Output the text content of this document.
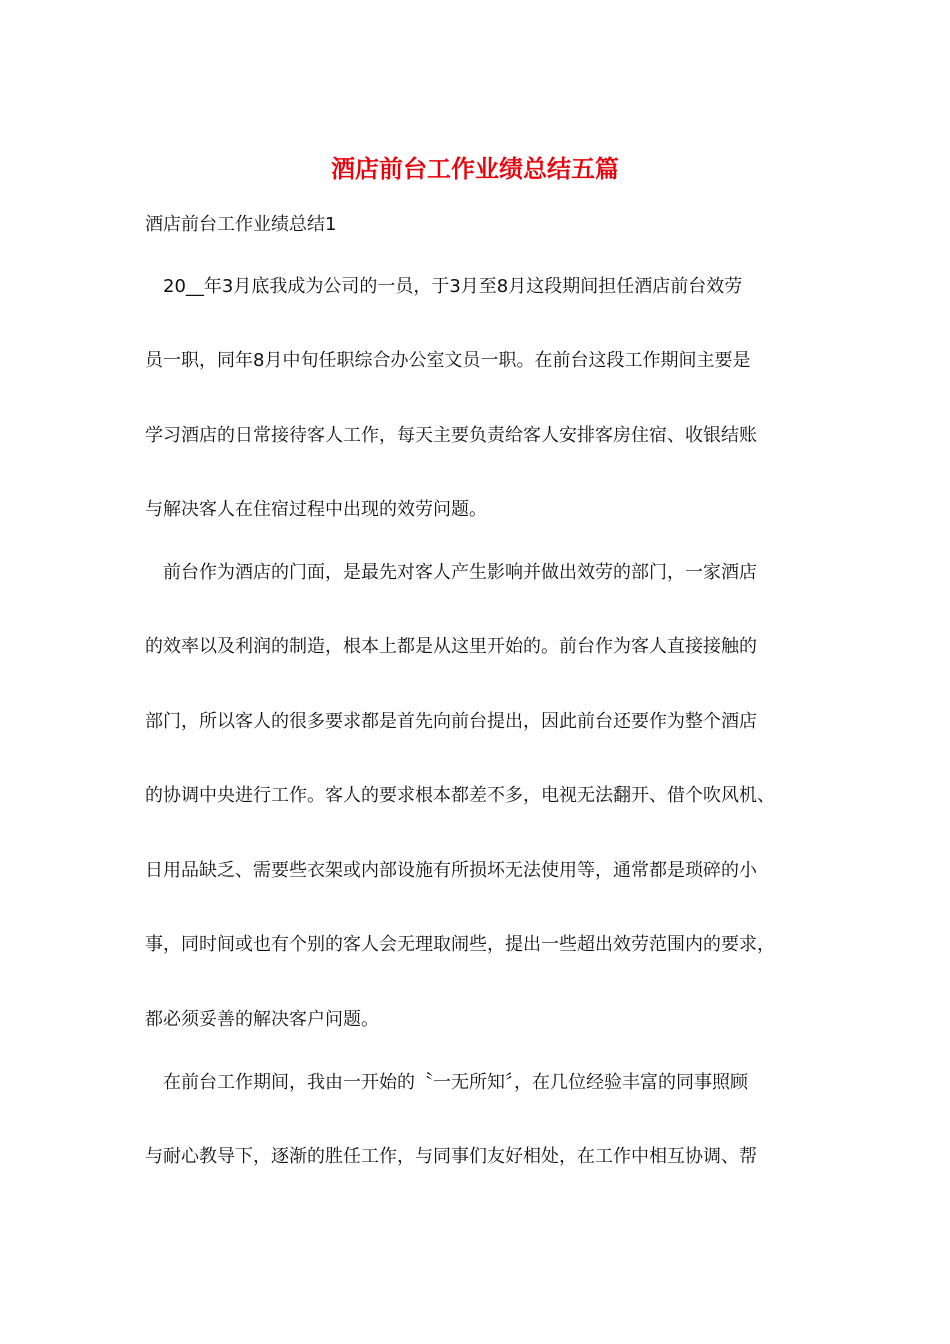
酒店前台工作业绩总结五篇
酒店前台工作业绩总结1
20__年3月底我成为公司的一员，于3月至8月这段期间担任酒店前台效劳
员一职，同年8月中旬任职综合办公室文员一职。在前台这段工作期间主要是
学习酒店的日常接待客人工作，每天主要负责给客人安排客房住宿、收银结账
与解决客人在住宿过程中出现的效劳问题。
前台作为酒店的门面，是最先对客人产生影响并做出效劳的部门，一家酒店
的效率以及利润的制造，根本上都是从这里开始的。前台作为客人直接接触的
部门，所以客人的很多要求都是首先向前台提出，因此前台还要作为整个酒店
的协调中央进行工作。客人的要求根本都差不多，电视无法翻开、借个吹风机、
日用品缺乏、需要些衣架或内部设施有所损坏无法使用等，通常都是琐碎的小
事，同时间或也有个别的客人会无理取闹些，提出一些超出效劳范围内的要求，
都必须妥善的解决客户问题。
在前台工作期间，我由一开始的〝一无所知〞，在几位经验丰富的同事照顾
与耐心教导下，逐渐的胜任工作，与同事们友好相处，在工作中相互协调、帮
